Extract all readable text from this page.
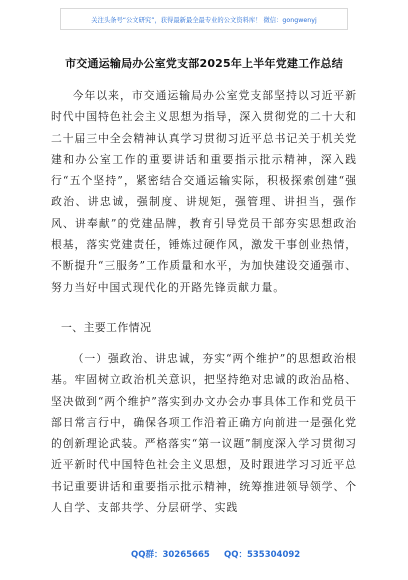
关注头条号“公文研究”，获得最新最全最专业的公文资料库！ 微信：gongwenyj
市交通运输局办公室党支部2025年上半年党建工作总结

今年以来，市交通运输局办公室党支部坚持以习近平新时代中国特色社会主义思想为指导，深入贯彻党的二十大和二十届三中全会精神认真学习贯彻习近平总书记关于机关党建和办公室工作的重要讲话和重要指示批示精神，深入践行“五个坚持”，紧密结合交通运输实际，积极探索创建“强政治、讲忠诚，强制度、讲规矩，强管理、讲担当，强作风、讲奉献”的党建品牌，教育引导党员干部夯实思想政治根基，落实党建责任，锤炼过硬作风，激发干事创业热情，不断提升“三服务”工作质量和水平，为加快建设交通强市、努力当好中国式现代化的开路先锋贡献力量。

一、主要工作情况

（一）强政治、讲忠诚，夯实“两个维护”的思想政治根基。牢固树立政治机关意识，把坚持绝对忠诚的政治品格、坚决做到“两个维护”落实到办文办会办事具体工作和党员干部日常言行中，确保各项工作沿着正确方向前进一是强化党的创新理论武装。严格落实“第一议题”制度深入学习贯彻习近平新时代中国特色社会主义思想，及时跟进学习习近平总书记重要讲话和重要指示批示精神，统筹推进领导领学、个人自学、支部共学、分层研学、实践

QQ群：30265665 QQ：535304092
